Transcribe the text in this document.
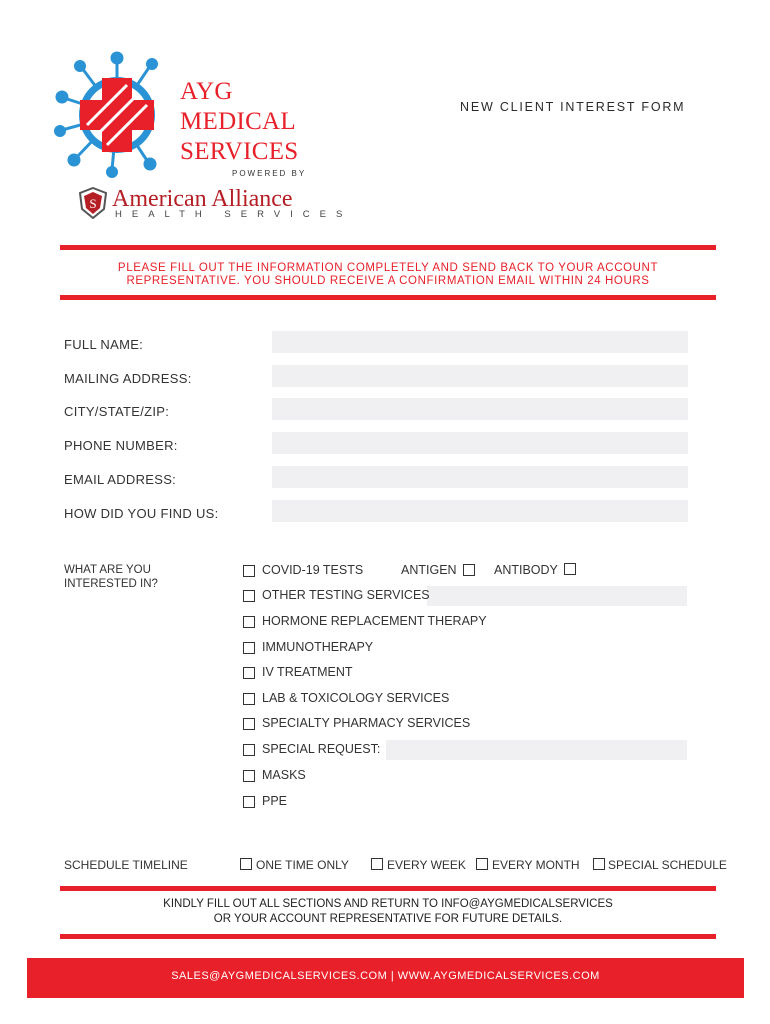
AYG
MEDICAL
SERVICES
POWERED BY
S American Alliance
HEALTH SERVICES
NEW CLIENT INTEREST FORM
PLEASE FILL OUT THE INFORMATION COMPLETELY AND SEND BACK TO YOUR ACCOUNT
REPRESENTATIVE. YOU SHOULD RECEIVE A CONFIRMATION EMAIL WITHIN 24 HOURS
FULL NAME:
MAILING ADDRESS:
CITY/STATE/ZIP:
PHONE NUMBER:
EMAIL ADDRESS:
HOW DID YOU FIND US:
WHAT ARE YOU
INTERESTED IN?
COVID-19 TESTS	ANTIGEN	ANTIBODY
OTHER TESTING SERVICES
HORMONE REPLACEMENT THERAPY
IMMUNOTHERAPY
IV TREATMENT
LAB & TOXICOLOGY SERVICES
SPECIALTY PHARMACY SERVICES
SPECIAL REQUEST:
MASKS
PPE
SCHEDULE TIMELINE	ONE TIME ONLY	EVERY WEEK EVERY MONTH SPECIAL SCHEDULE
KINDLY FILL OUT ALL SECTIONS AND RETURN TO INFO@AYGMEDICALSERVICES
OR YOUR ACCOUNT REPRESENTATIVE FOR FUTURE DETAILS.
SALES@AYGMEDICALSERVICES.COM | WWW.AYGMEDICALSERVICES.COM
